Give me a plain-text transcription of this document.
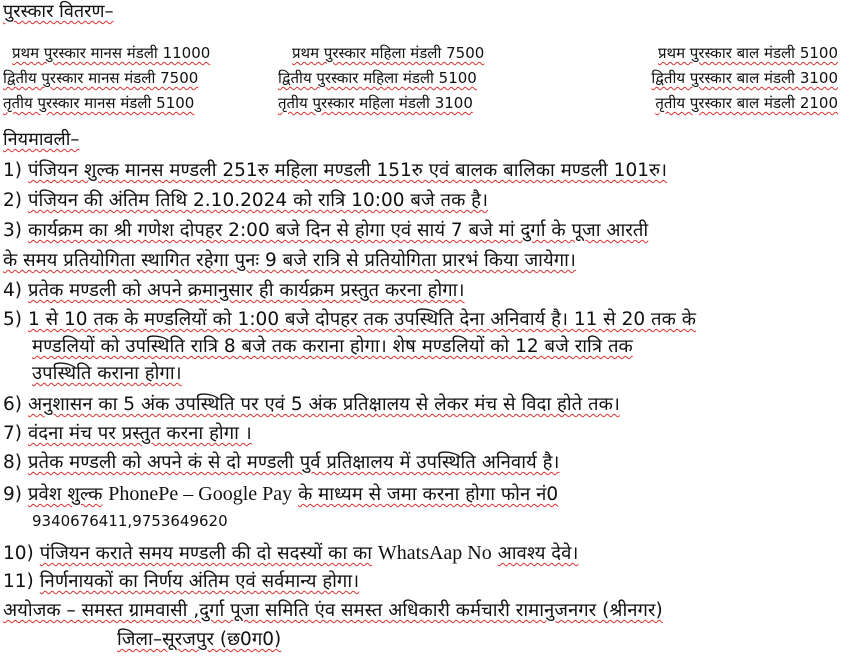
पुरस्कार वितरण–
प्रथम पुरस्कार मानस मंडली 11000	प्रथम पुरस्कार महिला मंडली 7500	प्रथम पुरस्कार बाल मंडली 5100
द्वितीय पुरस्कार मानस मंडली 7500	द्वितीय पुरस्कार महिला मंडली 5100	द्वितीय पुरस्कार बाल मंडली 3100
तृतीय पुरस्कार मानस मंडली 5100	तृतीय पुरस्कार महिला मंडली 3100	तृतीय पुरस्कार बाल मंडली 2100
नियमावली–
1) पंजियन शुल्क मानस मण्डली 251रु महिला मण्डली 151रु एवं बालक बालिका मण्डली 101रु।
2) पंजियन की अंतिम तिथि 2.10.2024 को रात्रि 10:00 बजे तक है।
3) कार्यक्रम का श्री गणेश दोपहर 2:00 बजे दिन से होगा एवं सायं 7 बजे मां दुर्गा के पूजा आरती
के समय प्रतियोगिता स्थागित रहेगा पुनः 9 बजे रात्रि से प्रतियोगिता प्रारभं किया जायेगा।
4) प्रतेक मण्डली को अपने क्रमानुसार ही कार्यक्रम प्रस्तुत करना होगा।
5) 1 से 10 तक के मण्डलियों को 1:00 बजे दोपहर तक उपस्थिति देना अनिवार्य है। 11 से 20 तक के
मण्डलियों को उपस्थिति रात्रि 8 बजे तक कराना होगा। शेष मण्डलियों को 12 बजे रात्रि तक
उपस्थिति कराना होगा।
6) अनुशासन का 5 अंक उपस्थिति पर एवं 5 अंक प्रतिक्षालय से लेकर मंच से विदा होते तक।
7) वंदना मंच पर प्रस्तुत करना होगा ।
8) प्रतेक मण्डली को अपने कं से दो मण्डली पुर्व प्रतिक्षालय में उपस्थिति अनिवार्य है।
9) प्रवेश शुल्क PhonePe – Google Pay के माध्यम से जमा करना होगा फोन नं0
9340676411,9753649620
10) पंजियन कराते समय मण्डली की दो सदस्यों का का WhatsAap No आवश्य देवे।
11) निर्णनायकों का निर्णय अंतिम एवं सर्वमान्य होगा।
अयोजक – समस्त ग्रामवासी ,दुर्गा पूजा समिति एंव समस्त अधिकारी कर्मचारी रामानुजनगर (श्रीनगर)
जिला–सूरजपुर (छ0ग0)
